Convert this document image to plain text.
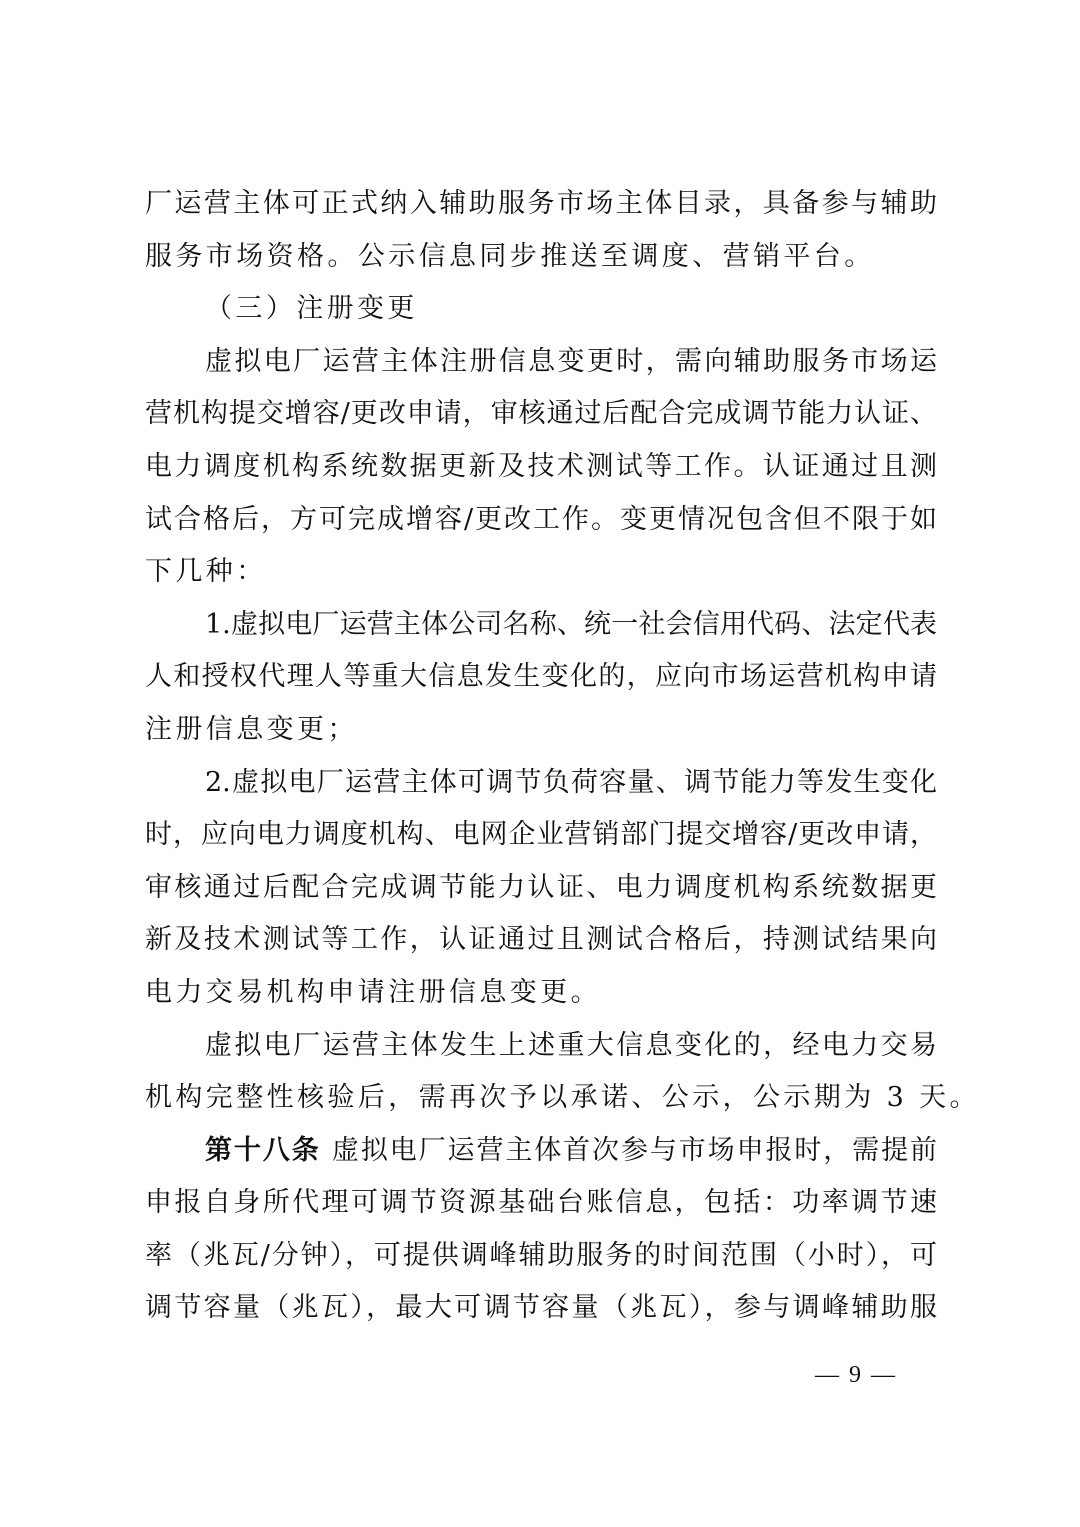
厂运营主体可正式纳入辅助服务市场主体目录，具备参与辅助
服务市场资格。公示信息同步推送至调度、营销平台。
（三）注册变更
虚拟电厂运营主体注册信息变更时，需向辅助服务市场运
营机构提交增容/更改申请，审核通过后配合完成调节能力认证、
电力调度机构系统数据更新及技术测试等工作。认证通过且测
试合格后，方可完成增容/更改工作。变更情况包含但不限于如
下几种：
1.虚拟电厂运营主体公司名称、统一社会信用代码、法定代表
人和授权代理人等重大信息发生变化的，应向市场运营机构申请
注册信息变更；
2.虚拟电厂运营主体可调节负荷容量、调节能力等发生变化
时，应向电力调度机构、电网企业营销部门提交增容/更改申请，
审核通过后配合完成调节能力认证、电力调度机构系统数据更
新及技术测试等工作，认证通过且测试合格后，持测试结果向
电力交易机构申请注册信息变更。
虚拟电厂运营主体发生上述重大信息变化的，经电力交易
机构完整性核验后，需再次予以承诺、公示，公示期为 3 天。
第十八条 虚拟电厂运营主体首次参与市场申报时，需提前
申报自身所代理可调节资源基础台账信息，包括：功率调节速
率（兆瓦/分钟），可提供调峰辅助服务的时间范围（小时），可
调节容量（兆瓦），最大可调节容量（兆瓦），参与调峰辅助服
— 9 —
